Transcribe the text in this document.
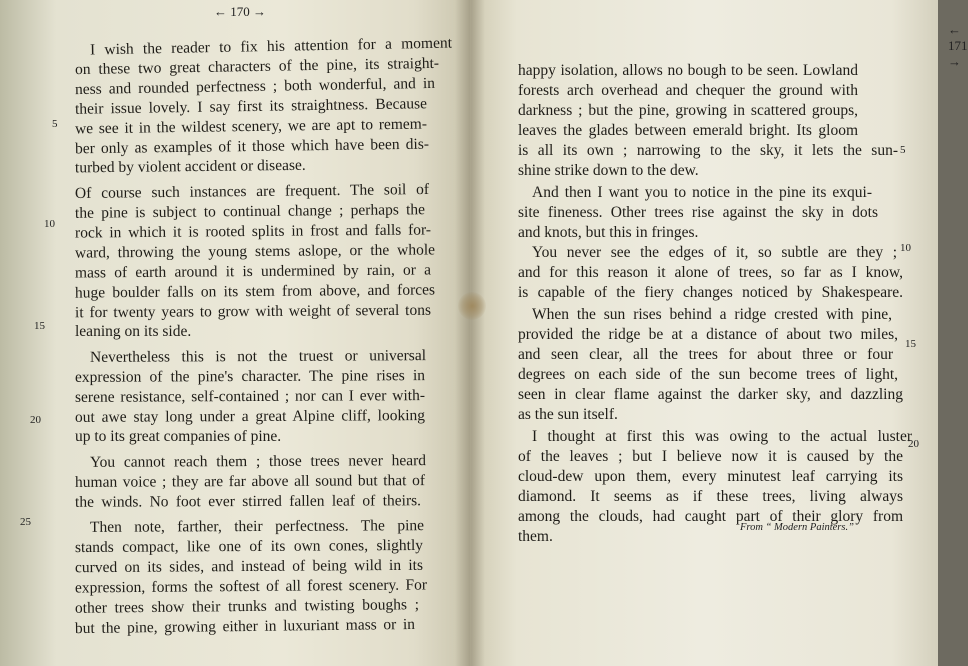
← 170 →
I wish the reader to fix his attention for a moment
on these two great characters of the pine, its straight-
ness and rounded perfectness ; both wonderful, and in
their issue lovely. I say first its straightness. Because
we see it in the wildest scenery, we are apt to remem-
ber only as examples of it those which have been dis-
turbed by violent accident or disease.
Of course such instances are frequent. The soil of
the pine is subject to continual change ; perhaps the
rock in which it is rooted splits in frost and falls for-
ward, throwing the young stems aslope, or the whole
mass of earth around it is undermined by rain, or a
huge boulder falls on its stem from above, and forces
it for twenty years to grow with weight of several tons
leaning on its side.
Nevertheless this is not the truest or universal
expression of the pine's character. The pine rises in
serene resistance, self-contained ; nor can I ever with-
out awe stay long under a great Alpine cliff, looking
up to its great companies of pine.
You cannot reach them ; those trees never heard
human voice ; they are far above all sound but that of
the winds. No foot ever stirred fallen leaf of theirs.
Then note, farther, their perfectness. The pine
stands compact, like one of its own cones, slightly
curved on its sides, and instead of being wild in its
expression, forms the softest of all forest scenery. For
other trees show their trunks and twisting boughs ;
but the pine, growing either in luxuriant mass or in
5
10
15
20
25
← 171 →
From “ Modern Painters.”
happy isolation, allows no bough to be seen. Lowland
forests arch overhead and chequer the ground with
darkness ; but the pine, growing in scattered groups,
leaves the glades between emerald bright. Its gloom
is all its own ; narrowing to the sky, it lets the sun-
shine strike down to the dew.
And then I want you to notice in the pine its exqui-
site fineness. Other trees rise against the sky in dots
and knots, but this in fringes.
You never see the edges of it, so subtle are they ;
and for this reason it alone of trees, so far as I know,
is capable of the fiery changes noticed by Shakespeare.
When the sun rises behind a ridge crested with pine,
provided the ridge be at a distance of about two miles,
and seen clear, all the trees for about three or four
degrees on each side of the sun become trees of light,
seen in clear flame against the darker sky, and dazzling
as the sun itself.
I thought at first this was owing to the actual luster
of the leaves ; but I believe now it is caused by the
cloud-dew upon them, every minutest leaf carrying its
diamond. It seems as if these trees, living always
among the clouds, had caught part of their glory from
them.
5
10
15
20
